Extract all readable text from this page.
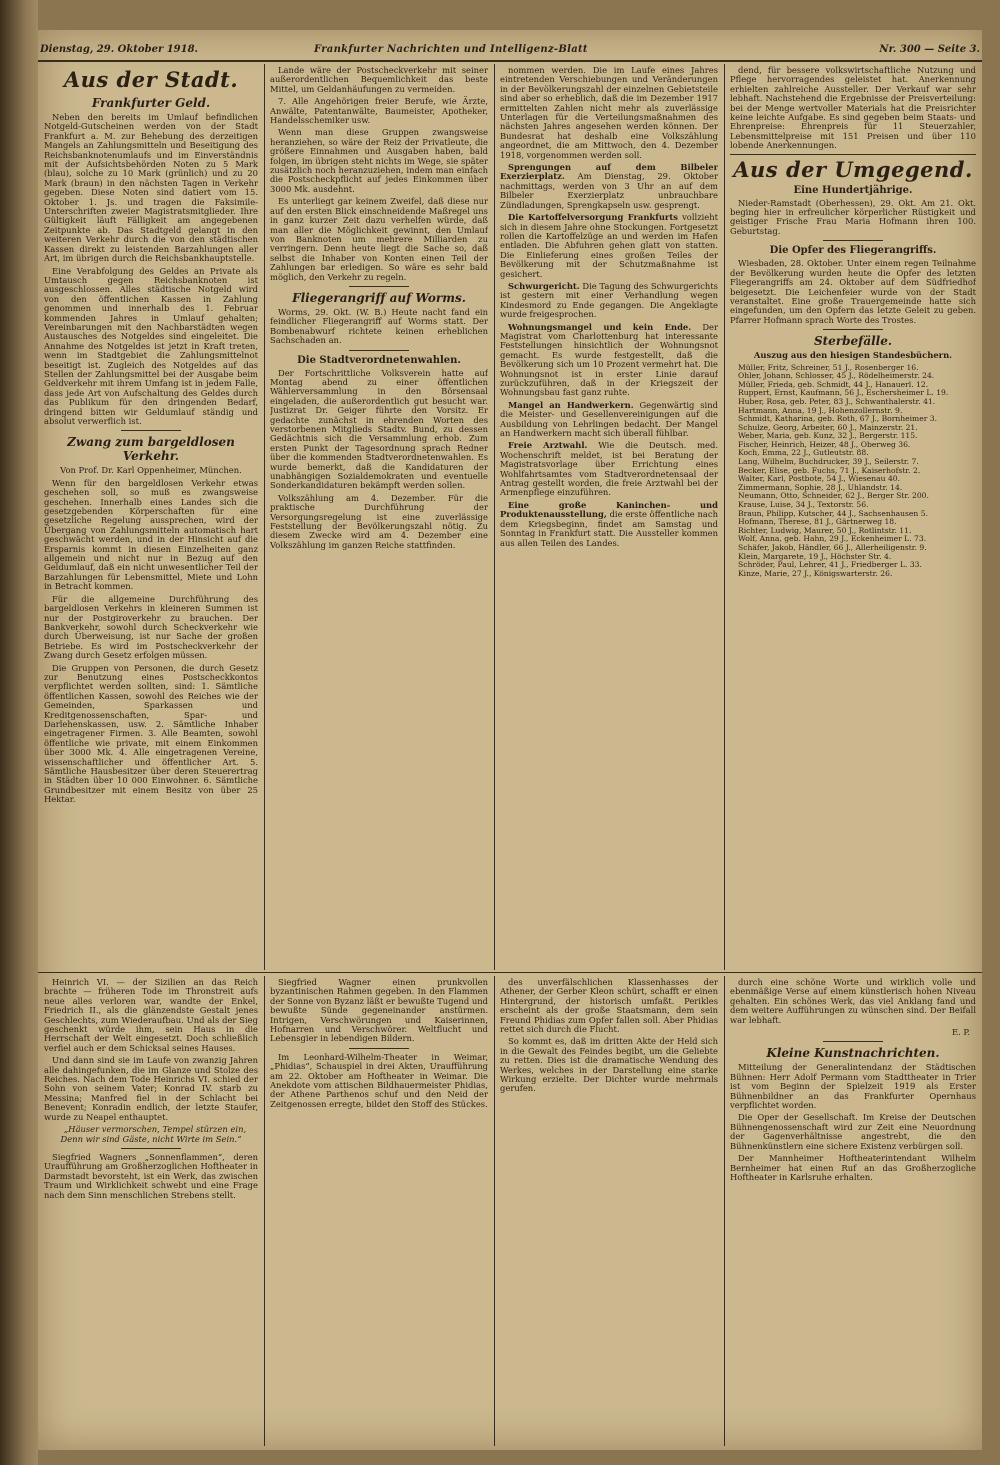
Dienstag, 29. Oktober 1918.	Frankfurter Nachrichten und Intelligenz-Blatt	Nr. 300 — Seite 3.
Aus der Stadt.
Frankfurter Geld.

Neben den bereits im Umlauf befindlichen Notgeld-Gutscheinen werden von der Stadt Frankfurt a. M. zur Behebung des derzeitigen Mangels an Zahlungsmitteln und Beseitigung des Reichsbanknotenumlaufs und im Einverständnis mit der Aufsichtsbehörden Noten zu 5 Mark (blau), solche zu 10 Mark (grünlich) und zu 20 Mark (braun) in den nächsten Tagen in Verkehr gegeben. Diese Noten sind datiert vom 15. Oktober 1. Js. und tragen die Faksimile-Unterschriften zweier Magistratsmitglieder. Ihre Gültigkeit läuft Fälligkeit am angegebenen Zeitpunkte ab. Das Stadtgeld gelangt in den weiteren Verkehr durch die von den städtischen Kassen direkt zu leistenden Barzahlungen aller Art, im übrigen durch die Reichsbankhauptstelle.

Eine Verabfolgung des Geldes an Private als Umtausch gegen Reichsbanknoten ist ausgeschlossen. Alles städtische Notgeld wird von den öffentlichen Kassen in Zahlung genommen und innerhalb des 1. Februar kommenden Jahres in Umlauf gehalten; Vereinbarungen mit den Nachbarstädten wegen Austausches des Notgeldes sind eingeleitet. Die Annahme des Notgeldes ist jetzt in Kraft treten, wenn im Stadtgebiet die Zahlungsmittelnot beseitigt ist. Zugleich des Notgeldes auf das Stellen der Zahlungsmittel bei der Ausgabe beim Geldverkehr mit ihrem Umfang ist in jedem Falle, dass jede Art von Aufschaltung des Geldes durch das Publikum für den dringenden Bedarf, dringend bitten wir Geldumlauf ständig und absolut verwerflich ist.

Zwang zum bargeldlosen Verkehr.
Von Prof. Dr. Karl Oppenheimer, München.

Wenn für den bargeldlosen Verkehr etwas geschehen soll, so muß es zwangsweise geschehen. Innerhalb eines Landes sich die gesetzgebenden Körperschaften für eine gesetzliche Regelung aussprechen, wird der Übergang von Zahlungsmitteln automatisch hart geschwächt werden, und in der Hinsicht auf die Ersparnis kommt in diesen Einzelheiten ganz allgemein und nicht nur in Bezug auf den Geldumlauf, daß ein nicht unwesentlicher Teil der Barzahlungen für Lebensmittel, Miete und Lohn in Betracht kommen.

Für die allgemeine Durchführung des bargeldlosen Verkehrs in kleineren Summen ist nur der Postgiroverkehr zu brauchen. Der Bankverkehr, sowohl durch Scheckverkehr wie durch Überweisung, ist nur Sache der großen Betriebe. Es wird im Postscheckverkehr der Zwang durch Gesetz erfolgen müssen.

Die Gruppen von Personen, die durch Gesetz zur Benutzung eines Postscheckkontos verpflichtet werden sollten, sind: 1. Sämtliche öffentlichen Kassen, sowohl des Reiches wie der Gemeinden, Sparkassen und Kreditgenossenschaften, Spar- und Darlehenskassen, usw. 2. Sämtliche Inhaber eingetragener Firmen. 3. Alle Beamten, sowohl öffentliche wie private, mit einem Einkommen über 3000 Mk. 4. Alle eingetragenen Vereine, wissenschaftlicher und öffentlicher Art. 5. Sämtliche Hausbesitzer über deren Steuerertrag in Städten über 10 000 Einwohner. 6. Sämtliche Grundbesitzer mit einem Besitz von über 25 Hektar.

Lande wäre der Postscheckverkehr mit seiner außerordentlichen Bequemlichkeit das beste Mittel, um Geldanhäufungen zu vermeiden.

7. Alle Angehörigen freier Berufe, wie Ärzte, Anwälte, Patentanwälte, Baumeister, Apotheker, Handelsschemiker usw.

Wenn man diese Gruppen zwangsweise heranziehen, so wäre der Reiz der Privatleute, die größere Einnahmen und Ausgaben haben, bald folgen, im übrigen steht nichts im Wege, sie später zusätzlich noch heranzuziehen, indem man einfach die Postscheckpflicht auf jedes Einkommen über 3000 Mk. ausdehnt.

Es unterliegt gar keinem Zweifel, daß diese nur auf den ersten Blick einschneidende Maßregel uns in ganz kurzer Zeit dazu verhelfen würde, daß man aller die Möglichkeit gewinnt, den Umlauf von Banknoten um mehrere Milliarden zu verringern. Denn heute liegt die Sache so, daß selbst die Inhaber von Konten einen Teil der Zahlungen bar erledigen. So wäre es sehr bald möglich, den Verkehr zu regeln.

Fliegerangriff auf Worms.

Worms, 29. Okt. (W. B.) Heute nacht fand ein feindlicher Fliegerangriff auf Worms statt. Der Bombenabwurf richtete keinen erheblichen Sachschaden an.

Die Stadtverordnetenwahlen.

Der Fortschrittliche Volksverein hatte auf Montag abend zu einer öffentlichen Wählerversammlung in den Börsensaal eingeladen, die außerordentlich gut besucht war. Justizrat Dr. Geiger führte den Vorsitz. Er gedachte zunächst in ehrenden Worten des verstorbenen Mitglieds Stadtv. Bund, zu dessen Gedächtnis sich die Versammlung erhob. Zum ersten Punkt der Tagesordnung sprach Redner über die kommenden Stadtverordnetenwahlen. Es wurde bemerkt, daß die Kandidaturen der unabhängigen Sozialdemokraten und eventuelle Sonderkandidaturen bekämpft werden sollen.

Volkszählung am 4. Dezember. Für die praktische Durchführung der Versorgungsregelung ist eine zuverlässige Feststellung der Bevölkerungszahl nötig. Zu diesem Zwecke wird am 4. Dezember eine Volkszählung im ganzen Reiche stattfinden.

nommen werden. Die im Laufe eines Jahres eintretenden Verschiebungen und Veränderungen in der Bevölkerungszahl der einzelnen Gebietsteile sind aber so erheblich, daß die im Dezember 1917 ermittelten Zahlen nicht mehr als zuverlässige Unterlagen für die Verteilungsmaßnahmen des nächsten Jahres angesehen werden können. Der Bundesrat hat deshalb eine Volkszählung angeordnet, die am Mittwoch, den 4. Dezember 1918, vorgenommen werden soll.

Sprengungen auf dem Bilbeler Exerzierplatz. Am Dienstag, 29. Oktober nachmittags, werden von 3 Uhr an auf dem Bilbeler Exerzierplatz unbrauchbare Zündladungen, Sprengkapseln usw. gesprengt.

Die Kartoffelversorgung Frankfurts vollzieht sich in diesem Jahre ohne Stockungen. Fortgesetzt rollen die Kartoffelzüge an und werden im Hafen entladen. Die Abfuhren gehen glatt von statten. Die Einlieferung eines großen Teiles der Bevölkerung mit der Schutzmaßnahme ist gesichert.

Schwurgericht. Die Tagung des Schwurgerichts ist gestern mit einer Verhandlung wegen Kindesmord zu Ende gegangen. Die Angeklagte wurde freigesprochen.

Wohnungsmangel und kein Ende. Der Magistrat vom Charlottenburg hat interessante Feststellungen hinsichtlich der Wohnungsnot gemacht. Es wurde festgestellt, daß die Bevölkerung sich um 10 Prozent vermehrt hat. Die Wohnungsnot ist in erster Linie darauf zurückzuführen, daß in der Kriegszeit der Wohnungsbau fast ganz ruhte.

Mangel an Handwerkern. Gegenwärtig sind die Meister- und Gesellenvereinigungen auf die Ausbildung von Lehrlingen bedacht. Der Mangel an Handwerkern macht sich überall fühlbar.

Freie Arztwahl. Wie die Deutsch. med. Wochenschrift meldet, ist bei Beratung der Magistratsvorlage über Errichtung eines Wohlfahrtsamtes vom Stadtverordnetensaal der Antrag gestellt worden, die freie Arztwahl bei der Armenpflege einzuführen.

Eine große Kaninchen- und Produktenausstellung, die erste öffentliche nach dem Kriegsbeginn, findet am Samstag und Sonntag in Frankfurt statt. Die Aussteller kommen aus allen Teilen des Landes.

dend, für bessere volkswirtschaftliche Nutzung und Pflege hervorragendes geleistet hat. Anerkennung erhielten zahlreiche Aussteller. Der Verkauf war sehr lebhaft. Nachstehend die Ergebnisse der Preisverteilung: bei der Menge wertvoller Materials hat die Preisrichter keine leichte Aufgabe. Es sind gegeben beim Staats- und Ehrenpreise: Ehrenpreis für 11 Steuerzahler, Lebensmittelpreise mit 151 Preisen und über 110 lobende Anerkennungen.

Aus der Umgegend.
Eine Hundertjährige.

Nieder-Ramstadt (Oberhessen), 29. Okt. Am 21. Okt. beging hier in erfreulicher körperlicher Rüstigkeit und geistiger Frische Frau Maria Hofmann ihren 100. Geburtstag.

Die Opfer des Fliegerangriffs.

Wiesbaden, 28. Oktober. Unter einem regen Teilnahme der Bevölkerung wurden heute die Opfer des letzten Fliegerangriffs am 24. Oktober auf dem Südfriedhof beigesetzt. Die Leichenfeier wurde von der Stadt veranstaltet. Eine große Trauergemeinde hatte sich eingefunden, um den Opfern das letzte Geleit zu geben. Pfarrer Hofmann sprach Worte des Trostes.

Sterbefälle.
Auszug aus den hiesigen Standesbüchern.

Müller, Fritz, Schreiner, 51 J., Rosenberger 16.

Ohler, Johann, Schlosser, 45 J., Rödelheimerstr. 24.

Müller, Frieda, geb. Schmidt, 44 J., Hanauerl. 12.

Ruppert, Ernst, Kaufmann, 56 J., Eschersheimer L. 19.

Huber, Rosa, geb. Peter, 83 J., Schwanthalerstr. 41.

Hartmann, Anna, 19 J., Hohenzollernstr. 9.

Schmidt, Katharina, geb. Roth, 67 J., Bornheimer 3.

Schulze, Georg, Arbeiter, 60 J., Mainzerstr. 21.

Weber, Maria, geb. Kunz, 32 J., Bergerstr. 115.

Fischer, Heinrich, Heizer, 48 J., Oberweg 36.

Koch, Emma, 22 J., Gutleutstr. 88.

Lang, Wilhelm, Buchdrucker, 39 J., Seilerstr. 7.

Becker, Elise, geb. Fuchs, 71 J., Kaiserhofstr. 2.

Walter, Karl, Postbote, 54 J., Wiesenau 40.

Zimmermann, Sophie, 28 J., Uhlandstr. 14.

Neumann, Otto, Schneider, 62 J., Berger Str. 200.

Krause, Luise, 34 J., Textorstr. 56.

Braun, Philipp, Kutscher, 44 J., Sachsenhausen 5.

Hofmann, Therese, 81 J., Gärtnerweg 18.

Richter, Ludwig, Maurer, 50 J., Rotlintstr. 11.

Wolf, Anna, geb. Hahn, 29 J., Eckenheimer L. 73.

Schäfer, Jakob, Händler, 66 J., Allerheiligenstr. 9.

Klein, Margarete, 19 J., Höchster Str. 4.

Schröder, Paul, Lehrer, 41 J., Friedberger L. 33.

Kinze, Marie, 27 J., Königswarterstr. 26.

Heinrich VI. — der Sizilien an das Reich brachte — früheren Tode im Thronstreit aufs neue alles verloren war, wandte der Enkel, Friedrich II., als die glänzendste Gestalt jenes Geschlechts, zum Wiederaufbau. Und als der Sieg geschenkt würde ihm, sein Haus in die Herrschaft der Welt eingesetzt. Doch schließlich verfiel auch er dem Schicksal seines Hauses.

Und dann sind sie im Laufe von zwanzig Jahren alle dahingefunken, die im Glanze und Stolze des Reiches. Nach dem Tode Heinrichs VI. schied der Sohn von seinem Vater; Konrad IV. starb zu Messina; Manfred fiel in der Schlacht bei Benevent; Konradin endlich, der letzte Staufer, wurde zu Neapel enthauptet.

„Häuser vermorschen, Tempel stürzen ein, Denn wir sind Gäste, nicht Wirte im Sein.“

Siegfried Wagners „Sonnenflammen“, deren Uraufführung am Großherzoglichen Hoftheater in Darmstadt bevorsteht, ist ein Werk, das zwischen Traum und Wirklichkeit schwebt und eine Frage nach dem Sinn menschlichen Strebens stellt.

Siegfried Wagner einen prunkvollen byzantinischen Rahmen gegeben. In den Flammen der Sonne von Byzanz läßt er bewußte Tugend und bewußte Sünde gegeneinander anstürmen. Intrigen, Verschwörungen und Kaiserinnen, Hofnarren und Verschwörer. Weltflucht und Lebensgier in lebendigen Bildern.

Im Leonhard-Wilhelm-Theater in Weimar, „Phidias“, Schauspiel in drei Akten, Uraufführung am 22. Oktober am Hoftheater in Weimar. Die Anekdote vom attischen Bildhauermeister Phidias, der Athene Parthenos schuf und den Neid der Zeitgenossen erregte, bildet den Stoff des Stückes.

des unverfälschlichen Klassenhasses der Athener, der Gerber Kleon schürt, schafft er einen Hintergrund, der historisch umfaßt. Perikles erscheint als der große Staatsmann, dem sein Freund Phidias zum Opfer fallen soll. Aber Phidias rettet sich durch die Flucht.

So kommt es, daß im dritten Akte der Held sich in die Gewalt des Feindes begibt, um die Geliebte zu retten. Dies ist die dramatische Wendung des Werkes, welches in der Darstellung eine starke Wirkung erzielte. Der Dichter wurde mehrmals gerufen.

durch eine schöne Worte und wirklich volle und ebenmäßige Verse auf einem künstlerisch hohen Niveau gehalten. Ein schönes Werk, das viel Anklang fand und dem weitere Aufführungen zu wünschen sind. Der Beifall war lebhaft.

E. P.

Kleine Kunstnachrichten.

Mitteilung der Generalintendanz der Städtischen Bühnen: Herr Adolf Permann vom Stadttheater in Trier ist vom Beginn der Spielzeit 1919 als Erster Bühnenbildner an das Frankfurter Opernhaus verpflichtet worden.

Die Oper der Gesellschaft. Im Kreise der Deutschen Bühnengenossenschaft wird zur Zeit eine Neuordnung der Gagenverhältnisse angestrebt, die den Bühnenkünstlern eine sichere Existenz verbürgen soll.

Der Mannheimer Hoftheaterintendant Wilhelm Bernheimer hat einen Ruf an das Großherzogliche Hoftheater in Karlsruhe erhalten.
